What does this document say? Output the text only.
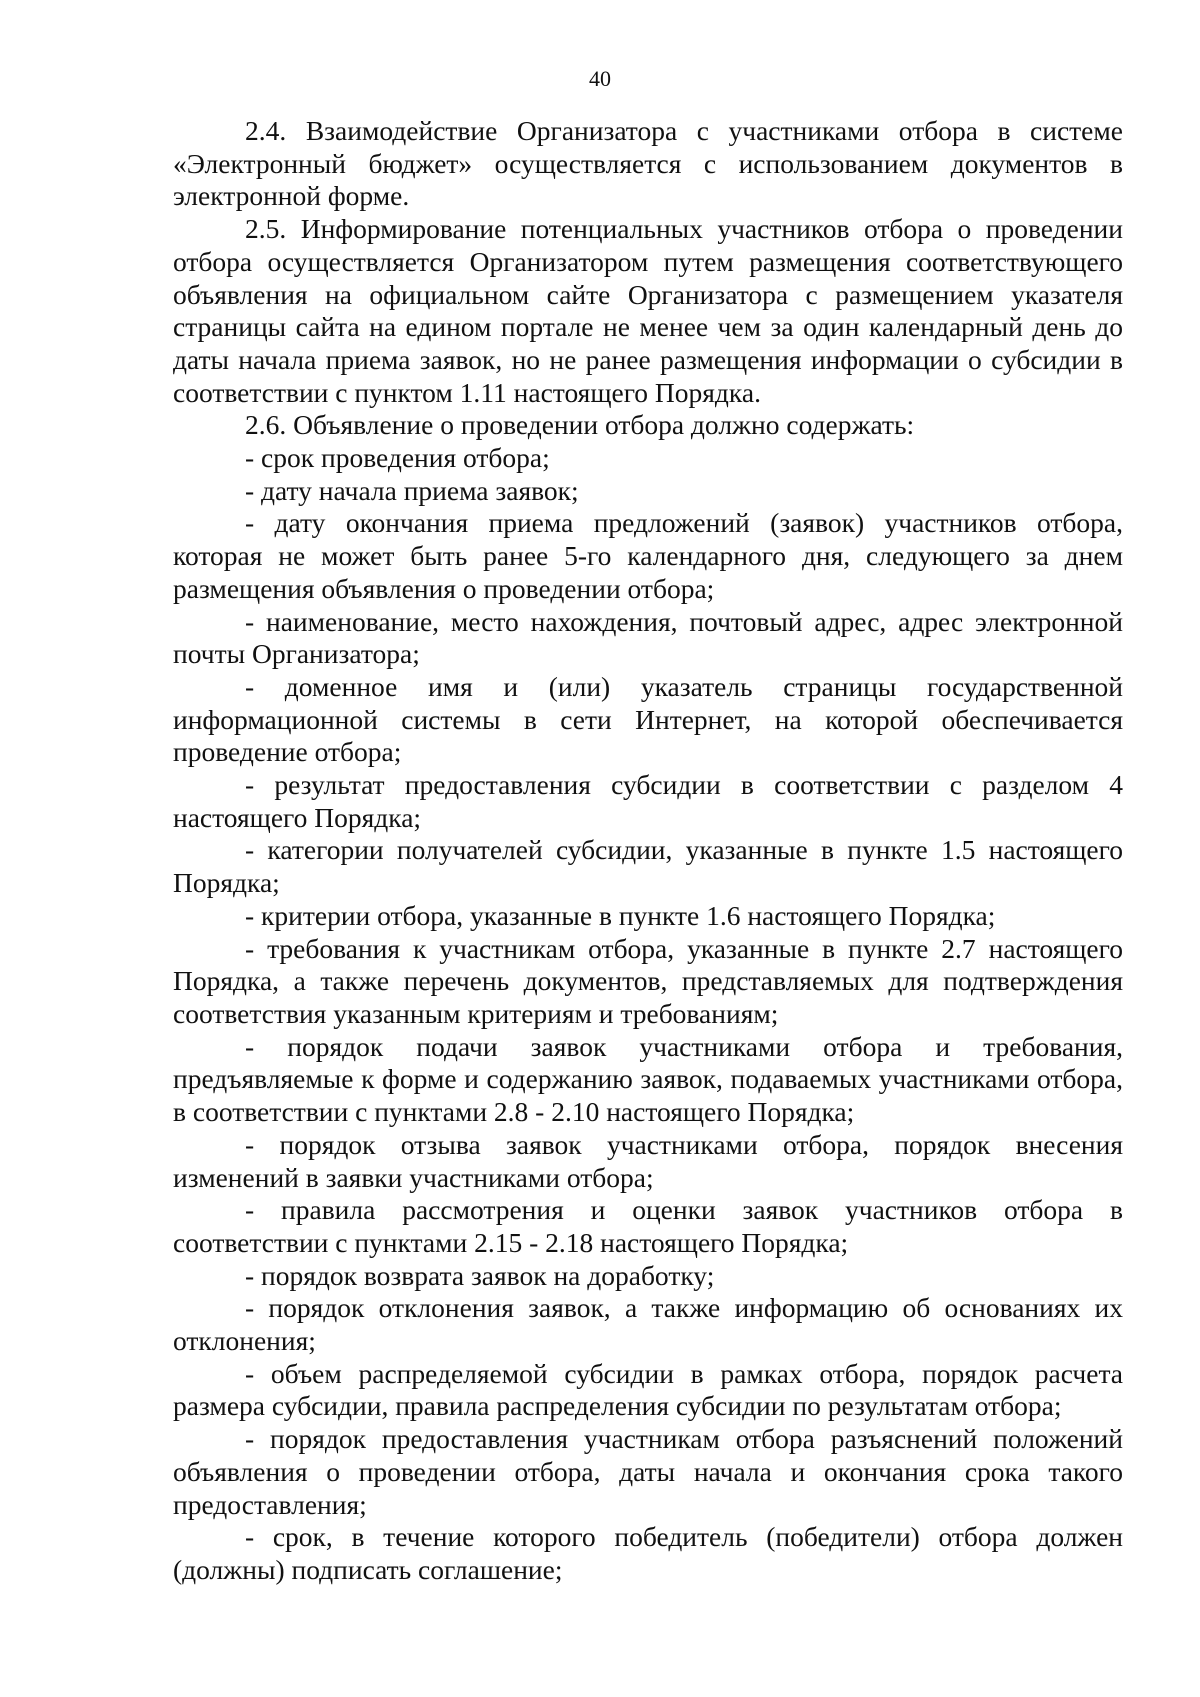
40

2.4. Взаимодействие Организатора с участниками отбора в системе «Электронный бюджет» осуществляется с использованием документов в электронной форме.

2.5. Информирование потенциальных участников отбора о проведении отбора осуществляется Организатором путем размещения соответствующего объявления на официальном сайте Организатора с размещением указателя страницы сайта на едином портале не менее чем за один календарный день до даты начала приема заявок, но не ранее размещения информации о субсидии в соответствии с пунктом 1.11 настоящего Порядка.

2.6. Объявление о проведении отбора должно содержать:

- срок проведения отбора;

- дату начала приема заявок;

- дату окончания приема предложений (заявок) участников отбора, которая не может быть ранее 5-го календарного дня, следующего за днем размещения объявления о проведении отбора;

- наименование, место нахождения, почтовый адрес, адрес электронной почты Организатора;

- доменное имя и (или) указатель страницы государственной информационной системы в сети Интернет, на которой обеспечивается проведение отбора;

- результат предоставления субсидии в соответствии с разделом 4 настоящего Порядка;

- категории получателей субсидии, указанные в пункте 1.5 настоящего Порядка;

- критерии отбора, указанные в пункте 1.6 настоящего Порядка;

- требования к участникам отбора, указанные в пункте 2.7 настоящего Порядка, а также перечень документов, представляемых для подтверждения соответствия указанным критериям и требованиям;

- порядок подачи заявок участниками отбора и требования, предъявляемые к форме и содержанию заявок, подаваемых участниками отбора, в соответствии с пунктами 2.8 - 2.10 настоящего Порядка;

- порядок отзыва заявок участниками отбора, порядок внесения изменений в заявки участниками отбора;

- правила рассмотрения и оценки заявок участников отбора в соответствии с пунктами 2.15 - 2.18 настоящего Порядка;

- порядок возврата заявок на доработку;

- порядок отклонения заявок, а также информацию об основаниях их отклонения;

- объем распределяемой субсидии в рамках отбора, порядок расчета размера субсидии, правила распределения субсидии по результатам отбора;

- порядок предоставления участникам отбора разъяснений положений объявления о проведении отбора, даты начала и окончания срока такого предоставления;

- срок, в течение которого победитель (победители) отбора должен (должны) подписать соглашение;
